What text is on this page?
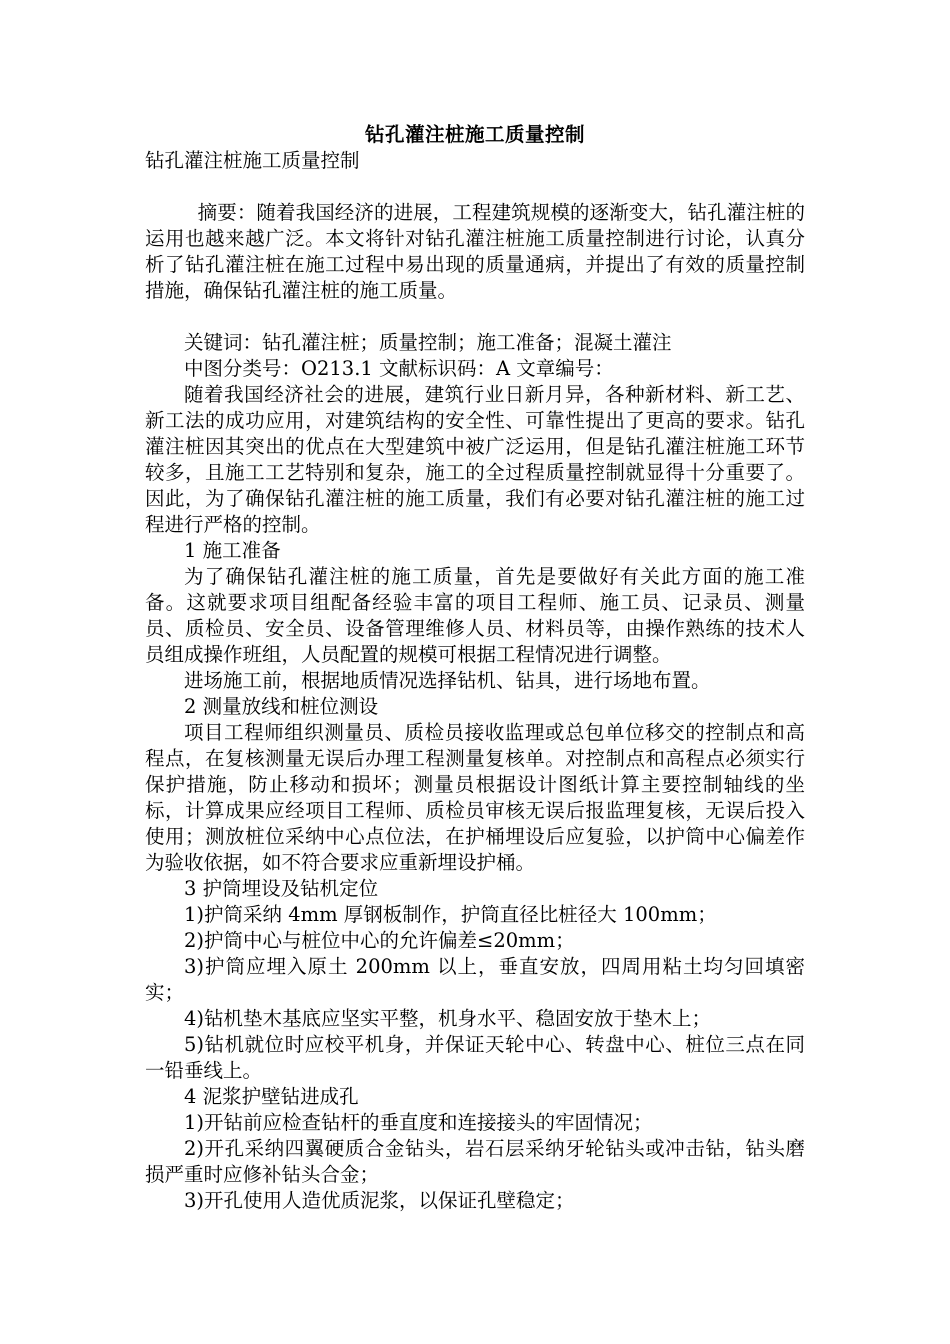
钻孔灌注桩施工质量控制

钻孔灌注桩施工质量控制

摘要：随着我国经济的进展，工程建筑规模的逐渐变大，钻孔灌注桩的运用也越来越广泛。本文将针对钻孔灌注桩施工质量控制进行讨论，认真分析了钻孔灌注桩在施工过程中易出现的质量通病，并提出了有效的质量控制措施，确保钻孔灌注桩的施工质量。

关键词：钻孔灌注桩；质量控制；施工准备；混凝土灌注

中图分类号：O213.1 文献标识码：A 文章编号：

随着我国经济社会的进展，建筑行业日新月异，各种新材料、新工艺、新工法的成功应用，对建筑结构的安全性、可靠性提出了更高的要求。钻孔灌注桩因其突出的优点在大型建筑中被广泛运用，但是钻孔灌注桩施工环节较多，且施工工艺特别和复杂，施工的全过程质量控制就显得十分重要了。因此，为了确保钻孔灌注桩的施工质量，我们有必要对钻孔灌注桩的施工过程进行严格的控制。

1 施工准备

为了确保钻孔灌注桩的施工质量，首先是要做好有关此方面的施工准备。这就要求项目组配备经验丰富的项目工程师、施工员、记录员、测量员、质检员、安全员、设备管理维修人员、材料员等，由操作熟练的技术人员组成操作班组，人员配置的规模可根据工程情况进行调整。

进场施工前，根据地质情况选择钻机、钻具，进行场地布置。

2 测量放线和桩位测设

项目工程师组织测量员、质检员接收监理或总包单位移交的控制点和高程点，在复核测量无误后办理工程测量复核单。对控制点和高程点必须实行保护措施，防止移动和损坏；测量员根据设计图纸计算主要控制轴线的坐标，计算成果应经项目工程师、质检员审核无误后报监理复核，无误后投入使用；测放桩位采纳中心点位法，在护桶埋设后应复验，以护筒中心偏差作为验收依据，如不符合要求应重新埋设护桶。

3 护筒埋设及钻机定位

1)护筒采纳 4mm 厚钢板制作，护筒直径比桩径大 100mm；

2)护筒中心与桩位中心的允许偏差≤20mm；

3)护筒应埋入原土 200mm 以上，垂直安放，四周用粘土均匀回填密实；

4)钻机垫木基底应坚实平整，机身水平、稳固安放于垫木上；

5)钻机就位时应校平机身，并保证天轮中心、转盘中心、桩位三点在同一铅垂线上。

4 泥浆护壁钻进成孔

1)开钻前应检查钻杆的垂直度和连接接头的牢固情况；

2)开孔采纳四翼硬质合金钻头，岩石层采纳牙轮钻头或冲击钻，钻头磨损严重时应修补钻头合金；

3)开孔使用人造优质泥浆，以保证孔壁稳定；
